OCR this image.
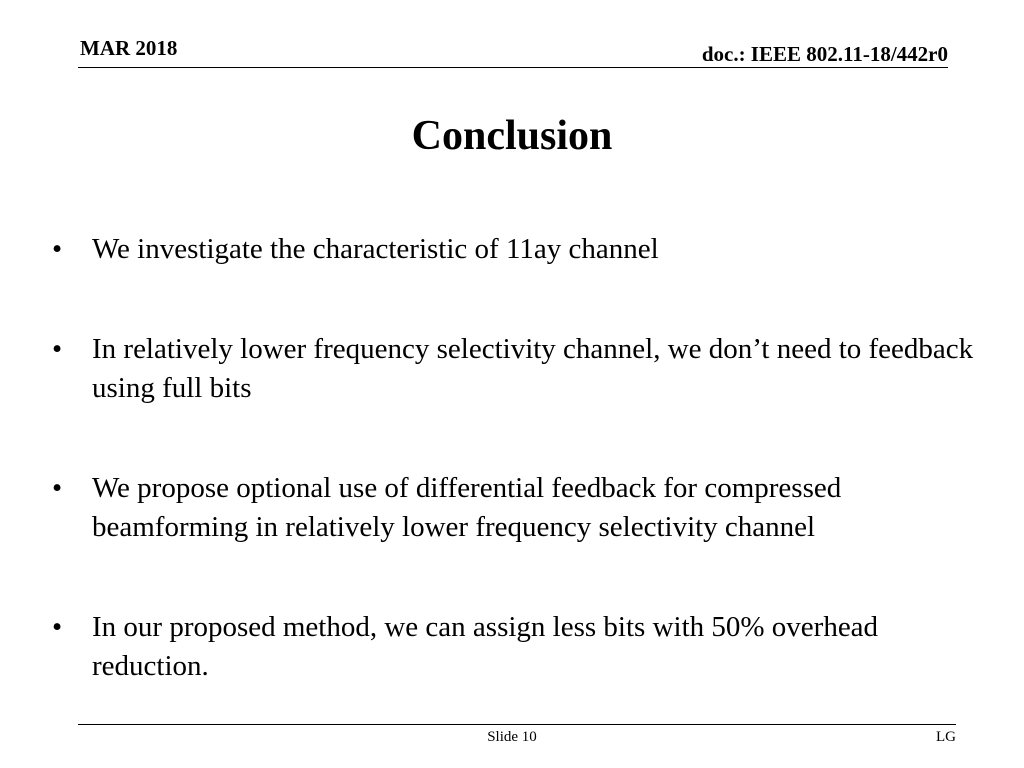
MAR 2018	doc.: IEEE 802.11-18/442r0
Conclusion
• We investigate the characteristic of 11ay channel
• In relatively lower frequency selectivity channel, we don’t need to feedback using full bits
• We propose optional use of differential feedback for compressed beamforming in relatively lower frequency selectivity channel
• In our proposed method, we can assign less bits with 50% overhead reduction.
Slide 10	LG
